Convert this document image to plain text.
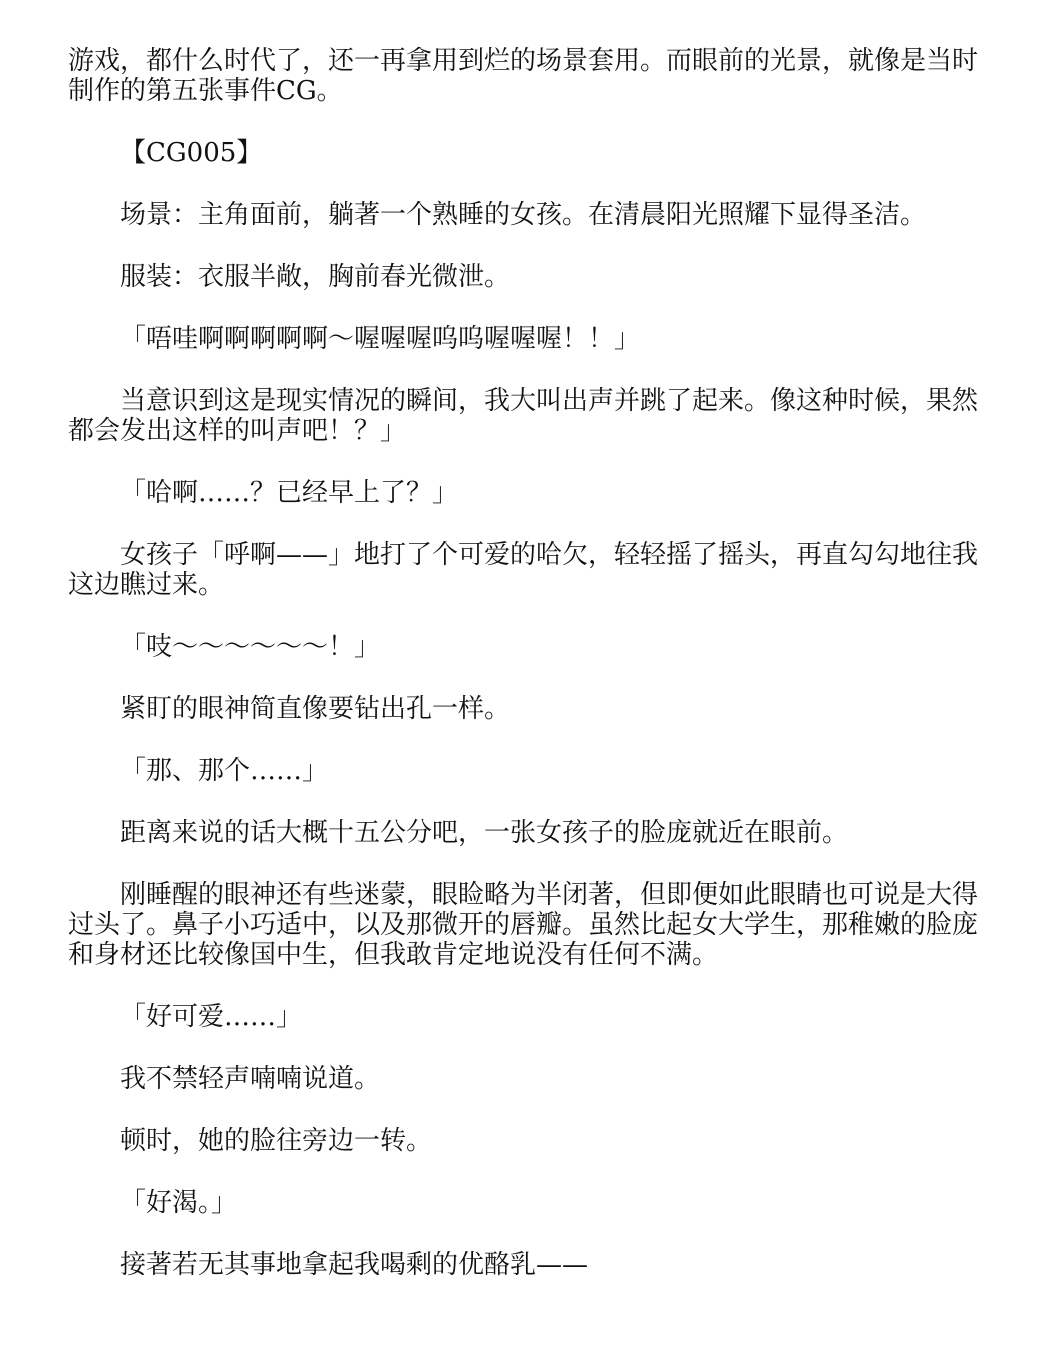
游戏，都什么时代了，还一再拿用到烂的场景套用。而眼前的光景，就像是当时制作的第五张事件CG。

【CG005】

场景：主角面前，躺著一个熟睡的女孩。在清晨阳光照耀下显得圣洁。

服装：衣服半敞，胸前春光微泄。

「唔哇啊啊啊啊啊～喔喔喔呜呜喔喔喔！！」

当意识到这是现实情况的瞬间，我大叫出声并跳了起来。像这种时候，果然都会发出这样的叫声吧！？」

「哈啊……？已经早上了？」

女孩子「呼啊——」地打了个可爱的哈欠，轻轻摇了摇头，再直勾勾地往我这边瞧过来。

「吱～～～～～～！」

紧盯的眼神简直像要钻出孔一样。

「那、那个……」

距离来说的话大概十五公分吧，一张女孩子的脸庞就近在眼前。

刚睡醒的眼神还有些迷蒙，眼睑略为半闭著，但即便如此眼睛也可说是大得过头了。鼻子小巧适中，以及那微开的唇瓣。虽然比起女大学生，那稚嫩的脸庞和身材还比较像国中生，但我敢肯定地说没有任何不满。

「好可爱……」

我不禁轻声喃喃说道。

顿时，她的脸往旁边一转。

「好渴。」

接著若无其事地拿起我喝剩的优酪乳——
